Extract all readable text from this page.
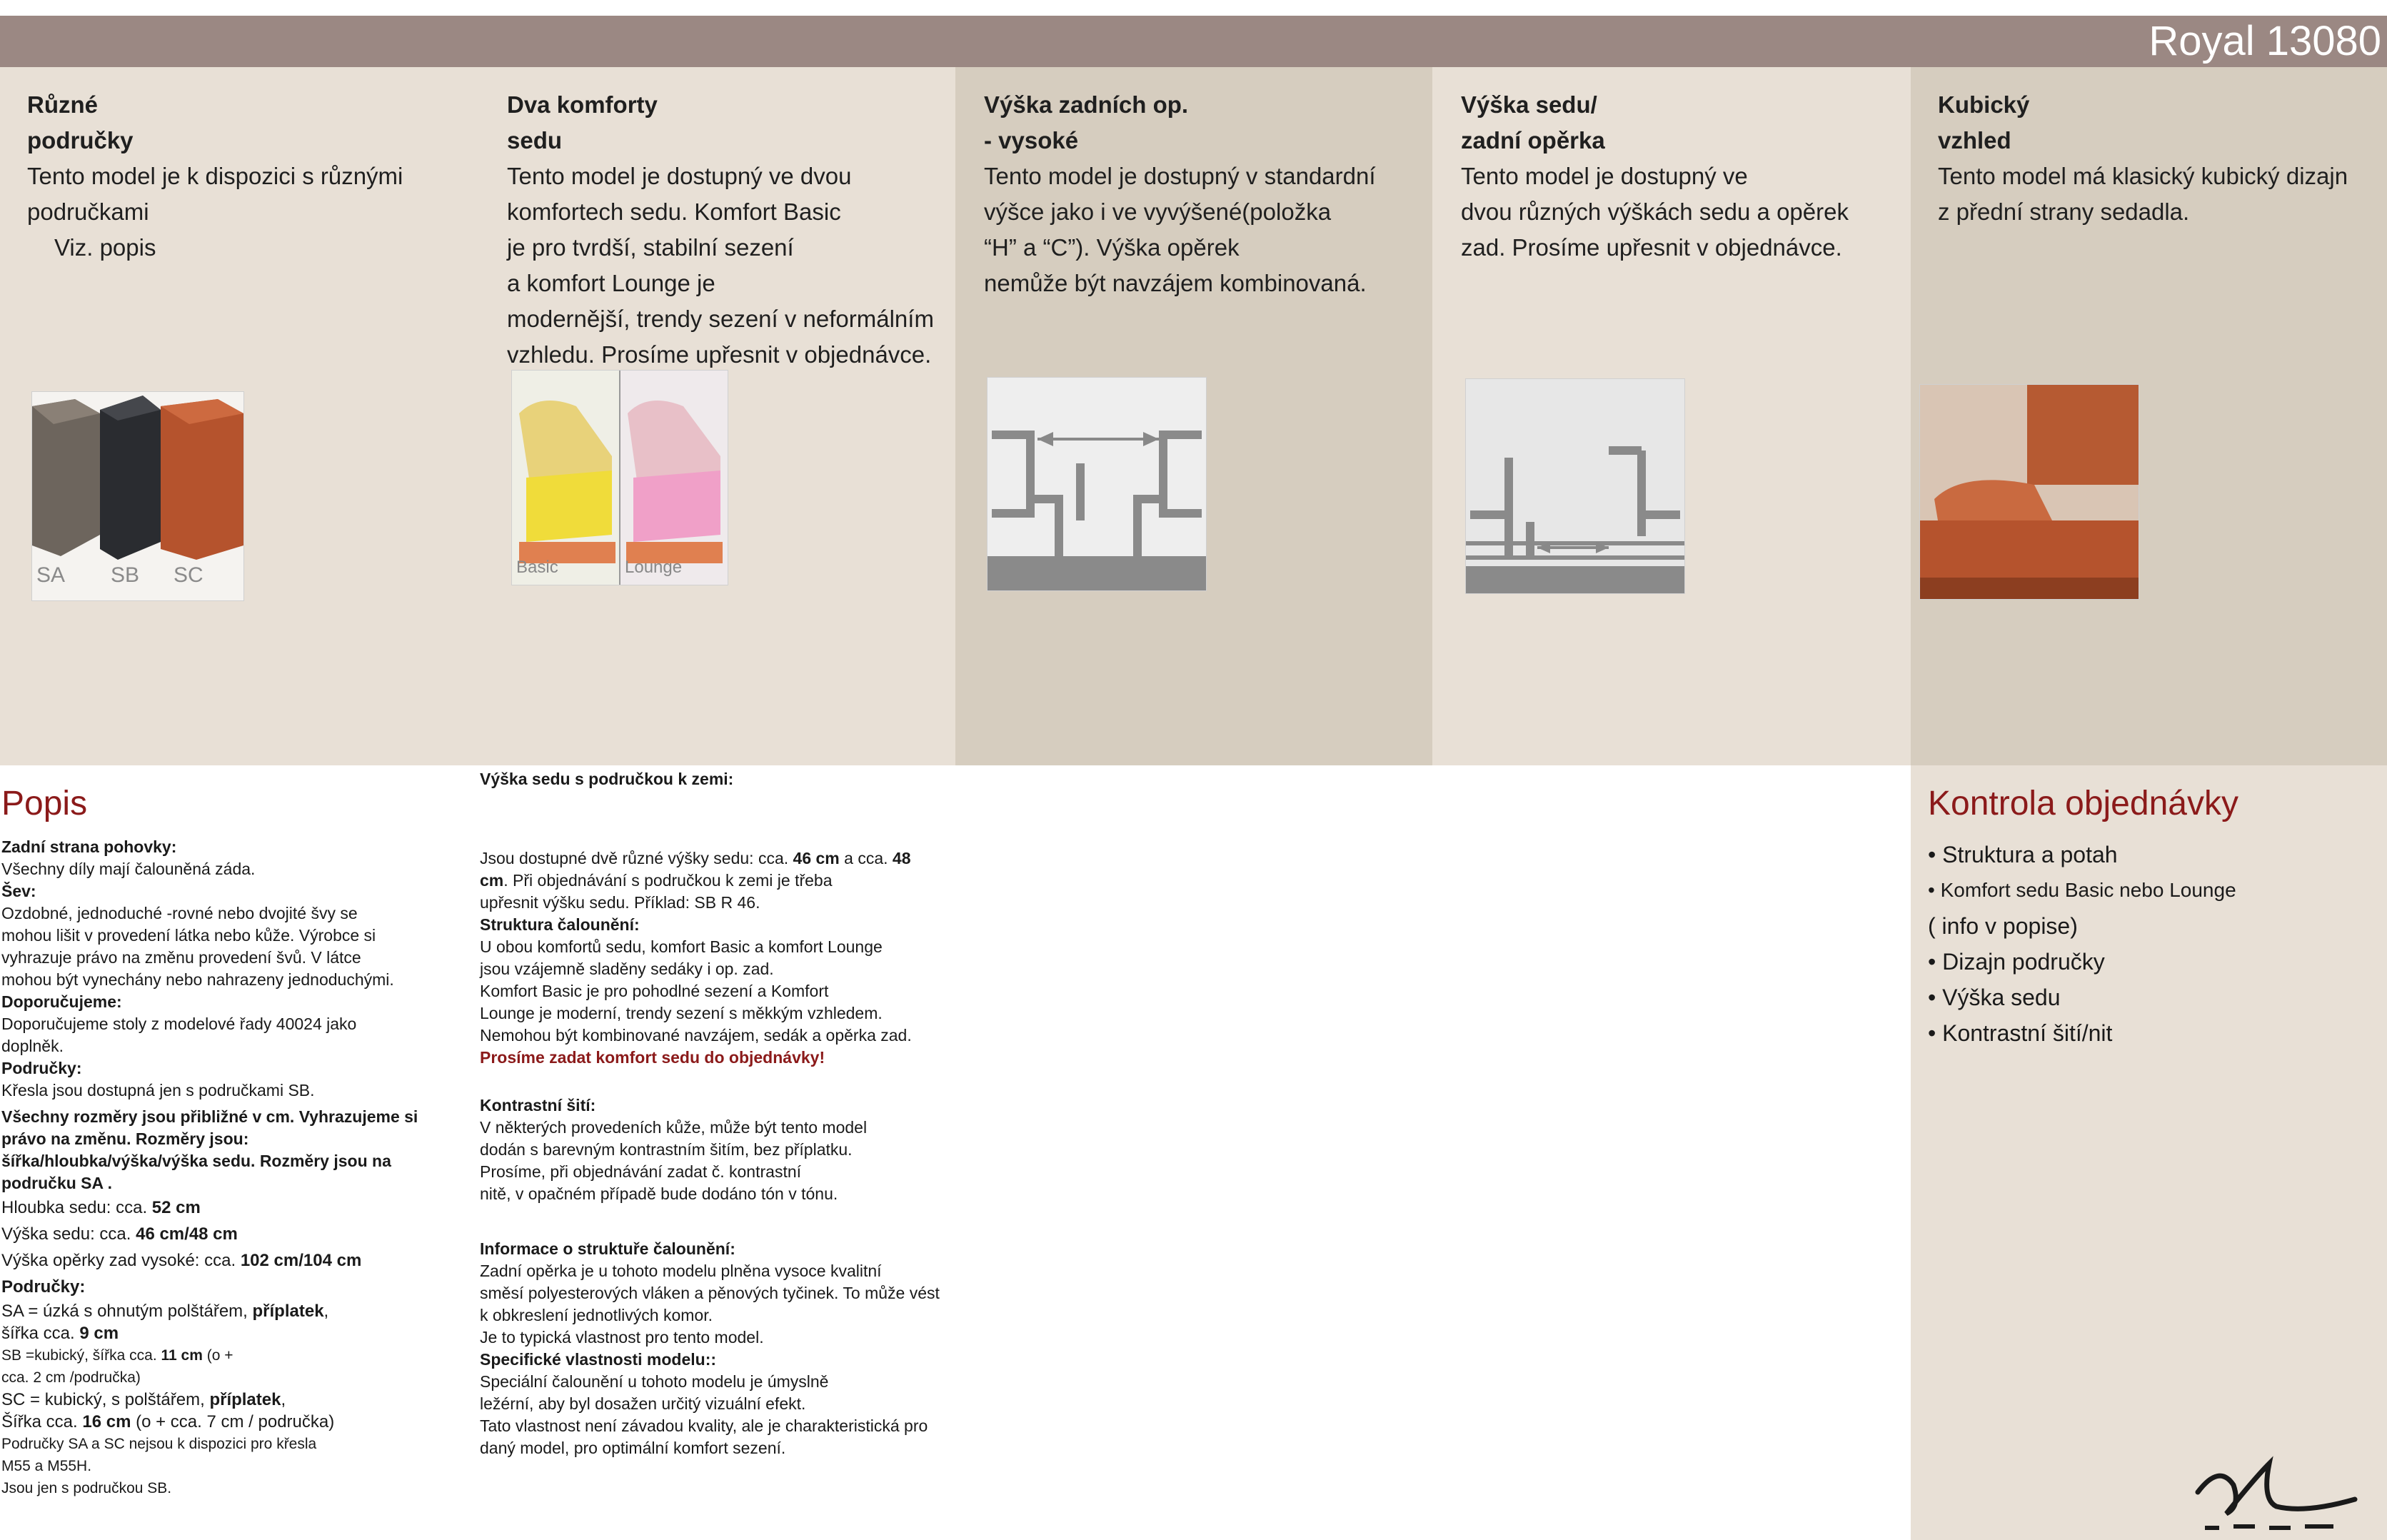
Royal 13080
Různé
područky
Tento model je k dispozici s různými
područkami
Viz. popis
SA SB SC
Dva komforty
sedu
Tento model je dostupný ve dvou
komfortech sedu. Komfort Basic
je pro tvrdší, stabilní sezení
a komfort Lounge je
modernější, trendy sezení v neformálním
vzhledu. Prosíme upřesnit v objednávce.
Basic	Lounge
Výška zadních op.
- vysoké
Tento model je dostupný v standardní
výšce jako i ve vyvýšené(položka
“H” a “C”). Výška opěrek
nemůže být navzájem kombinovaná.
Výška sedu/
zadní opěrka
Tento model je dostupný ve
dvou různých výškách sedu a opěrek
zad. Prosíme upřesnit v objednávce.
Kubický
vzhled
Tento model má klasický kubický dizajn
z přední strany sedadla.
Popis
Zadní strana pohovky:
Všechny díly mají čalouněná záda.
Šev:
Ozdobné, jednoduché -rovné nebo dvojité švy se
mohou lišit v provedení látka nebo kůže. Výrobce si
vyhrazuje právo na změnu provedení švů. V látce
mohou být vynechány nebo nahrazeny jednoduchými.
Doporučujeme:
Doporučujeme stoly z modelové řady 40024 jako
doplněk.
Područky:
Křesla jsou dostupná jen s područkami SB.
Všechny rozměry jsou přibližné v cm. Vyhrazujeme si
právo na změnu. Rozměry jsou:
šířka/hloubka/výška/výška sedu. Rozměry jsou na
područku SA .
Hloubka sedu: cca. 52 cm
Výška sedu: cca. 46 cm/48 cm
Výška opěrky zad vysoké: cca. 102 cm/104 cm
Područky:
SA = úzká s ohnutým polštářem, příplatek,
šířka cca. 9 cm
SB =kubický, šířka cca. 11 cm (o +
cca. 2 cm /područka)
SC = kubický, s polštářem, příplatek,
Šířka cca. 16 cm (o + cca. 7 cm / područka)
Područky SA a SC nejsou k dispozici pro křesla
M55 a M55H.
Jsou jen s područkou SB.
Výška sedu s područkou k zemi:
Jsou dostupné dvě různé výšky sedu: cca. 46 cm a cca. 48
cm. Při objednávání s područkou k zemi je třeba
upřesnit výšku sedu. Příklad: SB R 46.
Struktura čalounění:
U obou komfortů sedu, komfort Basic a komfort Lounge
jsou vzájemně sladěny sedáky i op. zad.
Komfort Basic je pro pohodlné sezení a Komfort
Lounge je moderní, trendy sezení s měkkým vzhledem.
Nemohou být kombinované navzájem, sedák a opěrka zad.
Prosíme zadat komfort sedu do objednávky!
Kontrastní šití:
V některých provedeních kůže, může být tento model
dodán s barevným kontrastním šitím, bez příplatku.
Prosíme, při objednávání zadat č. kontrastní
nitě, v opačném případě bude dodáno tón v tónu.
Informace o struktuře čalounění:
Zadní opěrka je u tohoto modelu plněna vysoce kvalitní
směsí polyesterových vláken a pěnových tyčinek. To může vést
k obkreslení jednotlivých komor.
Je to typická vlastnost pro tento model.
Specifické vlastnosti modelu::
Speciální čalounění u tohoto modelu je úmyslně
ležérní, aby byl dosažen určitý vizuální efekt.
Tato vlastnost není závadou kvality, ale je charakteristická pro
daný model, pro optimální komfort sezení.
Kontrola objednávky
• Struktura a potah
• Komfort sedu Basic nebo Lounge
( info v popise)
• Dizajn područky
• Výška sedu
• Kontrastní šití/nit
